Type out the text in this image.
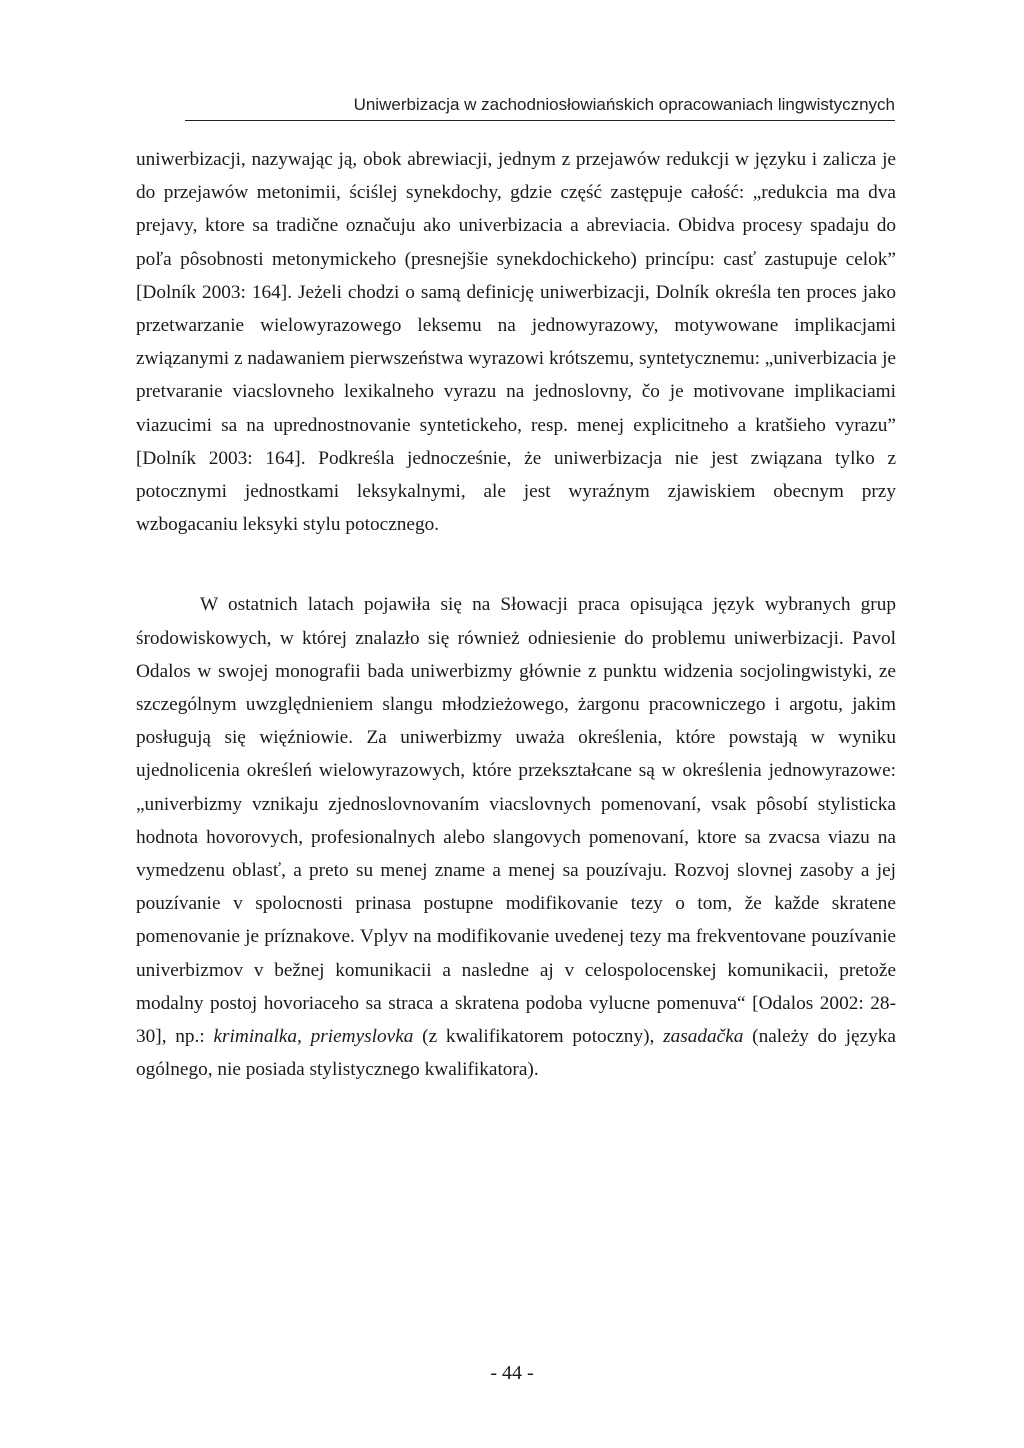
Uniwerbizacja w zachodniosłowiańskich opracowaniach lingwistycznych

uniwerbizacji, nazywając ją, obok abrewiacji, jednym z przejawów redukcji w języku i zalicza je do przejawów metonimii, ściślej synekdochy, gdzie część zastępuje całość: „redukcia ma dva prejavy, ktore sa tradične označuju ako univerbizacia a abreviacia. Obidva procesy spadaju do poľa pôsobnosti metonymickeho (presnejšie synekdochickeho) princípu: casť zastupuje celok” [Dolník 2003: 164]. Jeżeli chodzi o samą definicję uniwerbizacji, Dolník określa ten proces jako przetwarzanie wielowyrazowego leksemu na jednowyrazowy, motywowane implikacjami związanymi z nadawaniem pierwszeństwa wyrazowi krótszemu, syntetycznemu: „univerbizacia je pretvaranie viacslovneho lexikalneho vyrazu na jednoslovny, čo je motivovane implikaciami viazucimi sa na uprednostnovanie syntetickeho, resp. menej explicitneho a kratšieho vyrazu” [Dolník 2003: 164]. Podkreśla jednocześnie, że uniwerbizacja nie jest związana tylko z potocznymi jednostkami leksykalnymi, ale jest wyraźnym zjawiskiem obecnym przy wzbogacaniu leksyki stylu potocznego.

W ostatnich latach pojawiła się na Słowacji praca opisująca język wybranych grup środowiskowych, w której znalazło się również odniesienie do problemu uniwerbizacji. Pavol Odalos w swojej monografii bada uniwerbizmy głównie z punktu widzenia socjolingwistyki, ze szczególnym uwzględnieniem slangu młodzieżowego, żargonu pracowniczego i argotu, jakim posługują się więźniowie. Za uniwerbizmy uważa określenia, które powstają w wyniku ujednolicenia określeń wielowyrazowych, które przekształcane są w określenia jednowyrazowe: „univerbizmy vznikaju zjednoslovnovaním viacslovnych pomenovaní, vsak pôsobí stylisticka hodnota hovorovych, profesionalnych alebo slangovych pomenovaní, ktore sa zvacsa viazu na vymedzenu oblasť, a preto su menej zname a menej sa pouzívaju. Rozvoj slovnej zasoby a jej pouzívanie v spolocnosti prinasa postupne modifikovanie tezy o tom, že každe skratene pomenovanie je príznakove. Vplyv na modifikovanie uvedenej tezy ma frekventovane pouzívanie univerbizmov v bežnej komunikacii a nasledne aj v celospolocenskej komunikacii, pretože modalny postoj hovoriaceho sa straca a skratena podoba vylucne pomenuva“ [Odalos 2002: 28-30], np.: kriminalka, priemyslovka (z kwalifikatorem potoczny), zasadačka (należy do języka ogólnego, nie posiada stylistycznego kwalifikatora).

- 44 -
